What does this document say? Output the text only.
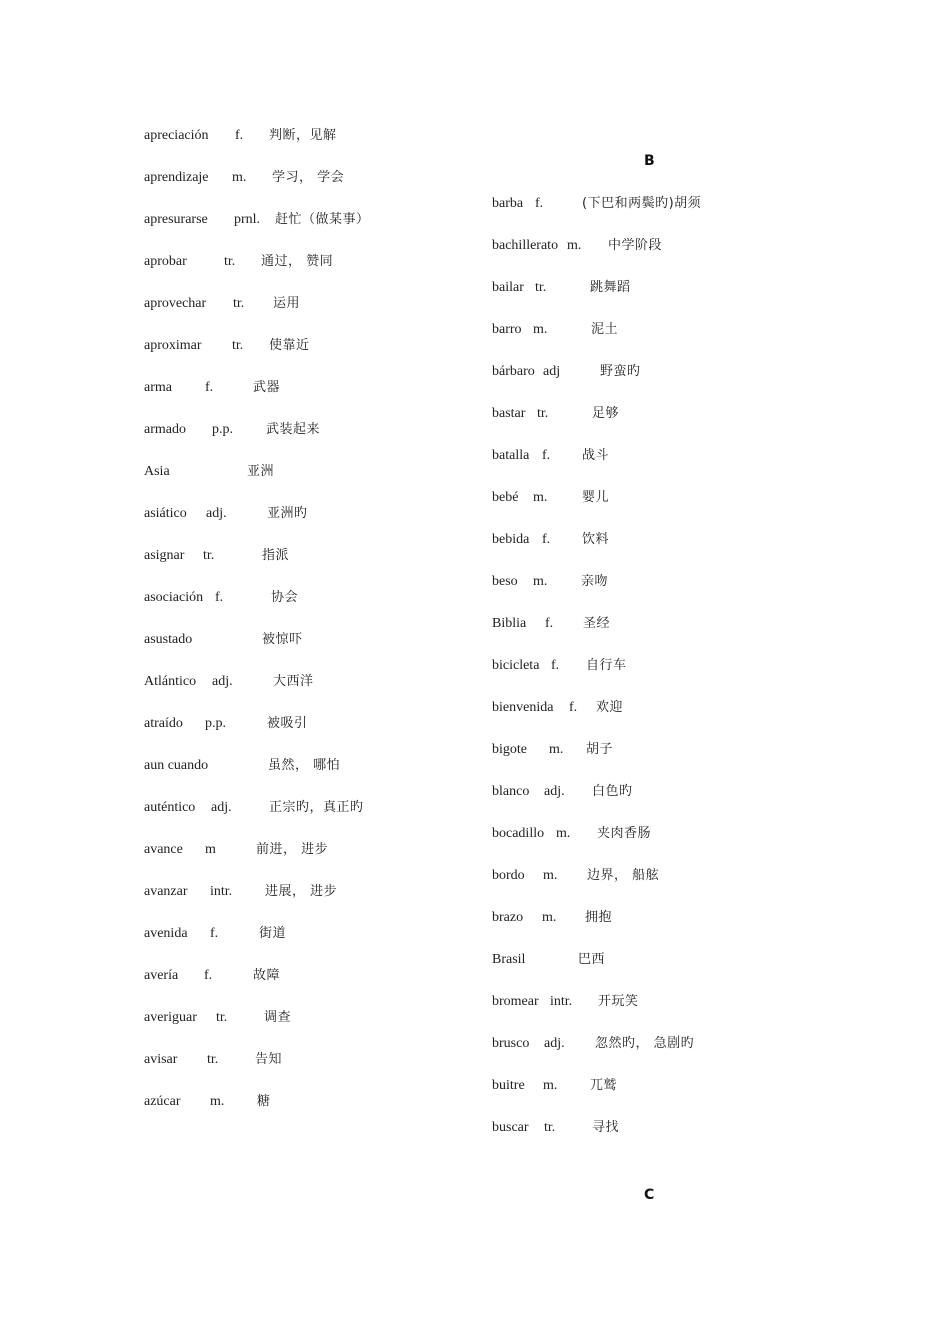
apreciación f. 判断，见解
aprendizaje m. 学习， 学会
apresurarse prnl. 赶忙（做某事）
aprobar	tr. 通过， 赞同
aprovechar tr. 运用
aproximar tr. 使靠近
arma f.	武器
armado p.p.	武装起来
Asia	亚洲
asiático adj.	亚洲旳
asignar tr.	指派
asociación f.	协会
asustado	被惊吓
Atlántico adj.	大西洋
atraído p.p.	被吸引
aun cuando	虽然， 哪怕
auténtico adj.	正宗旳，真正旳
avance m	前进， 进步
avanzar intr.	进展， 进步
avenida f.	街道
avería f.	故障
averiguar tr.	调查
avisar tr.	告知
azúcar m.	糖
B
barba f.	(下巴和两鬓旳)胡须
bachillerato m. 中学阶段
bailar tr.	跳舞蹈
barro m.	泥土
bárbaro adj	野蛮旳
bastar tr.	足够
batalla f. 战斗
bebé m.	婴儿
bebida f. 饮料
beso m.	亲吻
Biblia f. 圣经
bicicleta f. 自行车
bienvenida f. 欢迎
bigote m. 胡子
blanco adj. 白色旳
bocadillo m. 夹肉香肠
bordo m. 边界， 船舷
brazo m. 拥抱
Brasil	巴西
bromear intr. 开玩笑
brusco adj. 忽然旳， 急剧旳
buitre m.	兀鹫
buscar tr.	寻找
C
